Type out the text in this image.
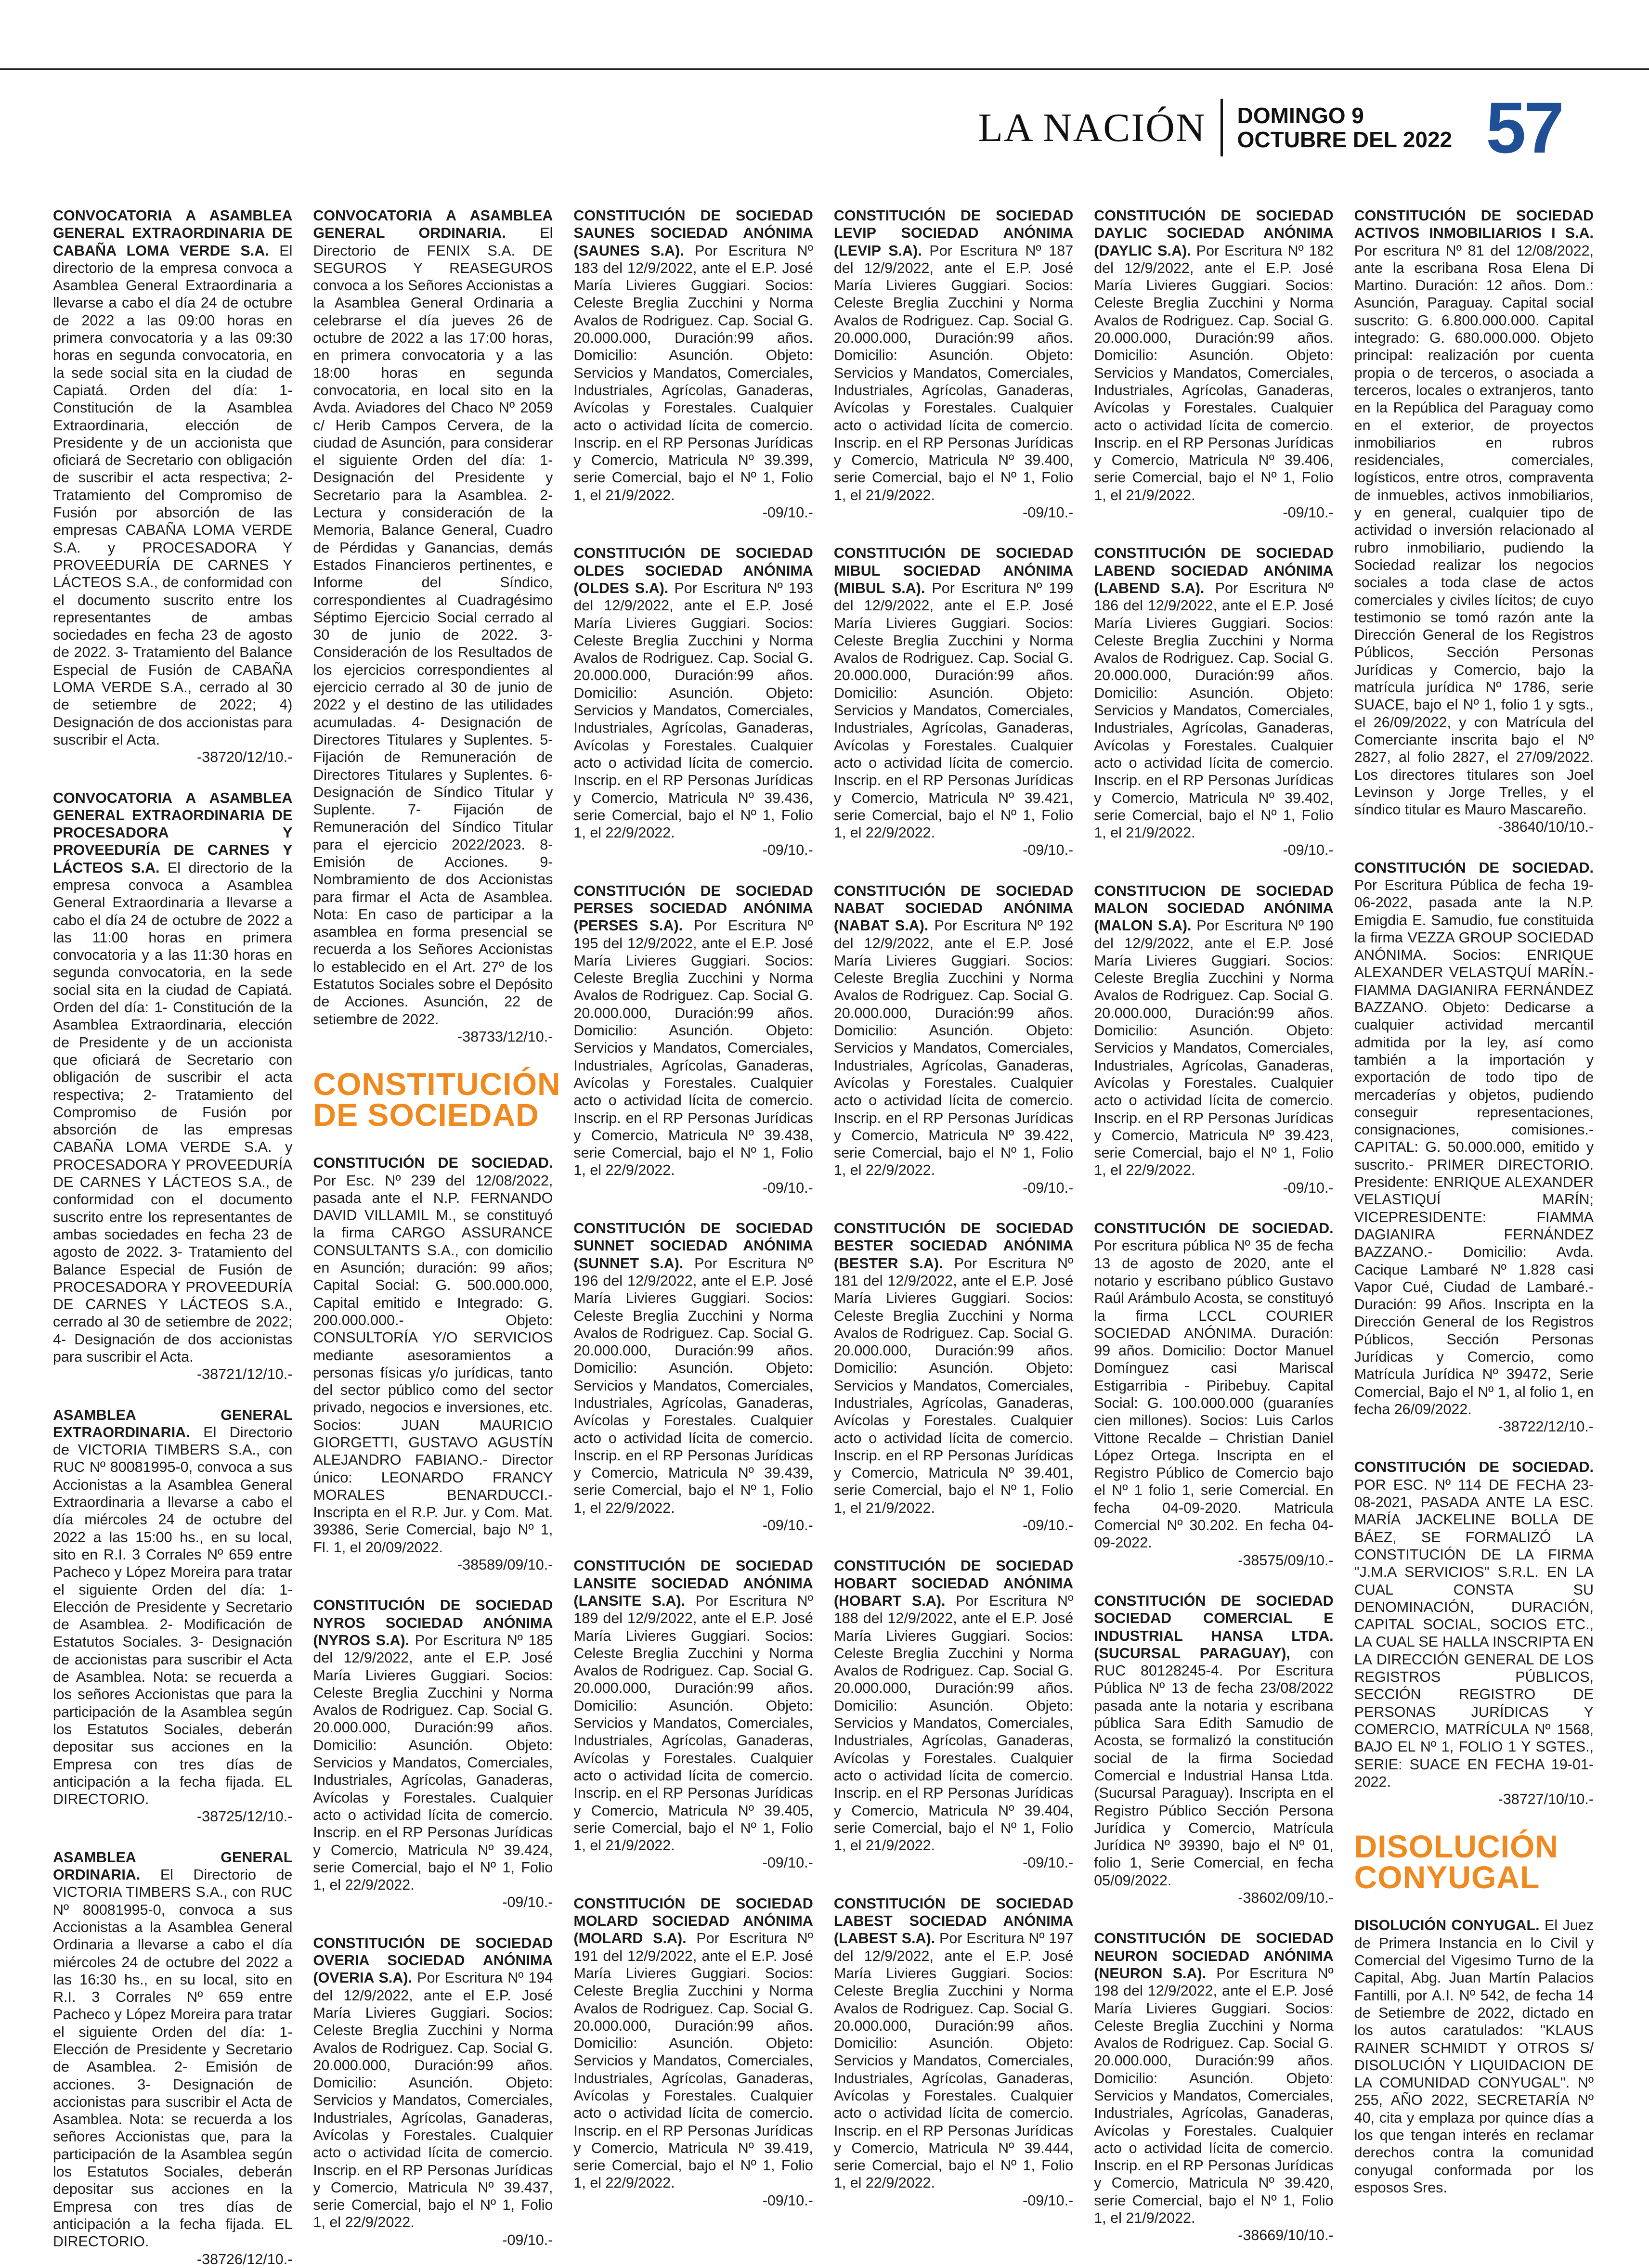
LA NACIÓN DOMINGO 9
OCTUBRE DEL 2022 57
CONVOCATORIA A ASAMBLEA GENERAL EXTRAORDINARIA DE CABAÑA LOMA VERDE S.A. El directorio de la empresa convoca a Asamblea General Extraordinaria a llevarse a cabo el día 24 de octubre de 2022 a las 09:00 horas en primera convocatoria y a las 09:30 horas en segunda convocatoria, en la sede social sita en la ciudad de Capiatá. Orden del día: 1- Constitución de la Asamblea Extraordinaria, elección de Presidente y de un accionista que oficiará de Secretario con obligación de suscribir el acta respectiva; 2- Tratamiento del Compromiso de Fusión por absorción de las empresas CABAÑA LOMA VERDE S.A. y PROCESADORA Y PROVEEDURÍA DE CARNES Y LÁCTEOS S.A., de conformidad con el documento suscrito entre los representantes de ambas sociedades en fecha 23 de agosto de 2022. 3- Tratamiento del Balance Especial de Fusión de CABAÑA LOMA VERDE S.A., cerrado al 30 de setiembre de 2022; 4) Designación de dos accionistas para suscribir el Acta.
-38720/12/10.-
CONVOCATORIA A ASAMBLEA GENERAL EXTRAORDINARIA DE PROCESADORA Y PROVEEDURÍA DE CARNES Y LÁCTEOS S.A. El directorio de la empresa convoca a Asamblea General Extraordinaria a llevarse a cabo el día 24 de octubre de 2022 a las 11:00 horas en primera convocatoria y a las 11:30 horas en segunda convocatoria, en la sede social sita en la ciudad de Capiatá. Orden del día: 1- Constitución de la Asamblea Extraordinaria, elección de Presidente y de un accionista que oficiará de Secretario con obligación de suscribir el acta respectiva; 2- Tratamiento del Compromiso de Fusión por absorción de las empresas CABAÑA LOMA VERDE S.A. y PROCESADORA Y PROVEEDURÍA DE CARNES Y LÁCTEOS S.A., de conformidad con el documento suscrito entre los representantes de ambas sociedades en fecha 23 de agosto de 2022. 3- Tratamiento del Balance Especial de Fusión de PROCESADORA Y PROVEEDURÍA DE CARNES Y LÁCTEOS S.A., cerrado al 30 de setiembre de 2022; 4- Designación de dos accionistas para suscribir el Acta.
-38721/12/10.-
ASAMBLEA GENERAL EXTRAORDINARIA. El Directorio de VICTORIA TIMBERS S.A., con RUC Nº 80081995-0, convoca a sus Accionistas a la Asamblea General Extraordinaria a llevarse a cabo el día miércoles 24 de octubre del 2022 a las 15:00 hs., en su local, sito en R.I. 3 Corrales Nº 659 entre Pacheco y López Moreira para tratar el siguiente Orden del día: 1- Elección de Presidente y Secretario de Asamblea. 2- Modificación de Estatutos Sociales. 3- Designación de accionistas para suscribir el Acta de Asamblea. Nota: se recuerda a los señores Accionistas que para la participación de la Asamblea según los Estatutos Sociales, deberán depositar sus acciones en la Empresa con tres días de anticipación a la fecha fijada. EL DIRECTORIO.
-38725/12/10.-
ASAMBLEA GENERAL ORDINARIA. El Directorio de VICTORIA TIMBERS S.A., con RUC Nº 80081995-0, convoca a sus Accionistas a la Asamblea General Ordinaria a llevarse a cabo el día miércoles 24 de octubre del 2022 a las 16:30 hs., en su local, sito en R.I. 3 Corrales Nº 659 entre Pacheco y López Moreira para tratar el siguiente Orden del día: 1- Elección de Presidente y Secretario de Asamblea. 2- Emisión de acciones. 3- Designación de accionistas para suscribir el Acta de Asamblea. Nota: se recuerda a los señores Accionistas que, para la participación de la Asamblea según los Estatutos Sociales, deberán depositar sus acciones en la Empresa con tres días de anticipación a la fecha fijada. EL DIRECTORIO.
-38726/12/10.-
CONVOCATORIA A ASAMBLEA GENERAL ORDINARIA. El Directorio de FENIX S.A. DE SEGUROS Y REASEGUROS convoca a los Señores Accionistas a la Asamblea General Ordinaria a celebrarse el día jueves 26 de octubre de 2022 a las 17:00 horas, en primera convocatoria y a las 18:00 horas en segunda convocatoria, en local sito en la Avda. Aviadores del Chaco Nº 2059 c/ Herib Campos Cervera, de la ciudad de Asunción, para considerar el siguiente Orden del día: 1- Designación del Presidente y Secretario para la Asamblea. 2- Lectura y consideración de la Memoria, Balance General, Cuadro de Pérdidas y Ganancias, demás Estados Financieros pertinentes, e Informe del Síndico, correspondientes al Cuadragésimo Séptimo Ejercicio Social cerrado al 30 de junio de 2022. 3- Consideración de los Resultados de los ejercicios correspondientes al ejercicio cerrado al 30 de junio de 2022 y el destino de las utilidades acumuladas. 4- Designación de Directores Titulares y Suplentes. 5- Fijación de Remuneración de Directores Titulares y Suplentes. 6- Designación de Síndico Titular y Suplente. 7- Fijación de Remuneración del Síndico Titular para el ejercicio 2022/2023. 8- Emisión de Acciones. 9- Nombramiento de dos Accionistas para firmar el Acta de Asamblea. Nota: En caso de participar a la asamblea en forma presencial se recuerda a los Señores Accionistas lo establecido en el Art. 27º de los Estatutos Sociales sobre el Depósito de Acciones. Asunción, 22 de setiembre de 2022.
-38733/12/10.-
CONSTITUCIÓN DE SOCIEDAD
CONSTITUCIÓN DE SOCIEDAD. Por Esc. Nº 239 del 12/08/2022, pasada ante el N.P. FERNANDO DAVID VILLAMIL M., se constituyó la firma CARGO ASSURANCE CONSULTANTS S.A., con domicilio en Asunción; duración: 99 años; Capital Social: G. 500.000.000, Capital emitido e Integrado: G. 200.000.000.- Objeto: CONSULTORÍA Y/O SERVICIOS mediante asesoramientos a personas físicas y/o jurídicas, tanto del sector público como del sector privado, negocios e inversiones, etc. Socios: JUAN MAURICIO GIORGETTI, GUSTAVO AGUSTÍN ALEJANDRO FABIANO.- Director único: LEONARDO FRANCY MORALES BENARDUCCI.- Inscripta en el R.P. Jur. y Com. Mat. 39386, Serie Comercial, bajo Nº 1, Fl. 1, el 20/09/2022.
-38589/09/10.-
CONSTITUCIÓN DE SOCIEDAD NYROS SOCIEDAD ANÓNIMA (NYROS S.A). Por Escritura Nº 185 del 12/9/2022, ante el E.P. José María Livieres Guggiari. Socios: Celeste Breglia Zucchini y Norma Avalos de Rodriguez. Cap. Social G. 20.000.000, Duración:99 años. Domicilio: Asunción. Objeto: Servicios y Mandatos, Comerciales, Industriales, Agrícolas, Ganaderas, Avícolas y Forestales. Cualquier acto o actividad lícita de comercio. Inscrip. en el RP Personas Jurídicas y Comercio, Matricula Nº 39.424, serie Comercial, bajo el Nº 1, Folio 1, el 22/9/2022.
-09/10.-
CONSTITUCIÓN DE SOCIEDAD OVERIA SOCIEDAD ANÓNIMA (OVERIA S.A). Por Escritura Nº 194 del 12/9/2022, ante el E.P. José María Livieres Guggiari. Socios: Celeste Breglia Zucchini y Norma Avalos de Rodriguez. Cap. Social G. 20.000.000, Duración:99 años. Domicilio: Asunción. Objeto: Servicios y Mandatos, Comerciales, Industriales, Agrícolas, Ganaderas, Avícolas y Forestales. Cualquier acto o actividad lícita de comercio. Inscrip. en el RP Personas Jurídicas y Comercio, Matricula Nº 39.437, serie Comercial, bajo el Nº 1, Folio 1, el 22/9/2022.
-09/10.-
CONSTITUCIÓN DE SOCIEDAD SAUNES SOCIEDAD ANÓNIMA (SAUNES S.A). Por Escritura Nº 183 del 12/9/2022, ante el E.P. José María Livieres Guggiari. Socios: Celeste Breglia Zucchini y Norma Avalos de Rodriguez. Cap. Social G. 20.000.000, Duración:99 años. Domicilio: Asunción. Objeto: Servicios y Mandatos, Comerciales, Industriales, Agrícolas, Ganaderas, Avícolas y Forestales. Cualquier acto o actividad lícita de comercio. Inscrip. en el RP Personas Jurídicas y Comercio, Matricula Nº 39.399, serie Comercial, bajo el Nº 1, Folio 1, el 21/9/2022.
-09/10.-
CONSTITUCIÓN DE SOCIEDAD OLDES SOCIEDAD ANÓNIMA (OLDES S.A). Por Escritura Nº 193 del 12/9/2022, ante el E.P. José María Livieres Guggiari. Socios: Celeste Breglia Zucchini y Norma Avalos de Rodriguez. Cap. Social G. 20.000.000, Duración:99 años. Domicilio: Asunción. Objeto: Servicios y Mandatos, Comerciales, Industriales, Agrícolas, Ganaderas, Avícolas y Forestales. Cualquier acto o actividad lícita de comercio. Inscrip. en el RP Personas Jurídicas y Comercio, Matricula Nº 39.436, serie Comercial, bajo el Nº 1, Folio 1, el 22/9/2022.
-09/10.-
CONSTITUCIÓN DE SOCIEDAD PERSES SOCIEDAD ANÓNIMA (PERSES S.A). Por Escritura Nº 195 del 12/9/2022, ante el E.P. José María Livieres Guggiari. Socios: Celeste Breglia Zucchini y Norma Avalos de Rodriguez. Cap. Social G. 20.000.000, Duración:99 años. Domicilio: Asunción. Objeto: Servicios y Mandatos, Comerciales, Industriales, Agrícolas, Ganaderas, Avícolas y Forestales. Cualquier acto o actividad lícita de comercio. Inscrip. en el RP Personas Jurídicas y Comercio, Matricula Nº 39.438, serie Comercial, bajo el Nº 1, Folio 1, el 22/9/2022.
-09/10.-
CONSTITUCIÓN DE SOCIEDAD SUNNET SOCIEDAD ANÓNIMA (SUNNET S.A). Por Escritura Nº 196 del 12/9/2022, ante el E.P. José María Livieres Guggiari. Socios: Celeste Breglia Zucchini y Norma Avalos de Rodriguez. Cap. Social G. 20.000.000, Duración:99 años. Domicilio: Asunción. Objeto: Servicios y Mandatos, Comerciales, Industriales, Agrícolas, Ganaderas, Avícolas y Forestales. Cualquier acto o actividad lícita de comercio. Inscrip. en el RP Personas Jurídicas y Comercio, Matricula Nº 39.439, serie Comercial, bajo el Nº 1, Folio 1, el 22/9/2022.
-09/10.-
CONSTITUCIÓN DE SOCIEDAD LANSITE SOCIEDAD ANÓNIMA (LANSITE S.A). Por Escritura Nº 189 del 12/9/2022, ante el E.P. José María Livieres Guggiari. Socios: Celeste Breglia Zucchini y Norma Avalos de Rodriguez. Cap. Social G. 20.000.000, Duración:99 años. Domicilio: Asunción. Objeto: Servicios y Mandatos, Comerciales, Industriales, Agrícolas, Ganaderas, Avícolas y Forestales. Cualquier acto o actividad lícita de comercio. Inscrip. en el RP Personas Jurídicas y Comercio, Matricula Nº 39.405, serie Comercial, bajo el Nº 1, Folio 1, el 21/9/2022.
-09/10.-
CONSTITUCIÓN DE SOCIEDAD MOLARD SOCIEDAD ANÓNIMA (MOLARD S.A). Por Escritura Nº 191 del 12/9/2022, ante el E.P. José María Livieres Guggiari. Socios: Celeste Breglia Zucchini y Norma Avalos de Rodriguez. Cap. Social G. 20.000.000, Duración:99 años. Domicilio: Asunción. Objeto: Servicios y Mandatos, Comerciales, Industriales, Agrícolas, Ganaderas, Avícolas y Forestales. Cualquier acto o actividad lícita de comercio. Inscrip. en el RP Personas Jurídicas y Comercio, Matricula Nº 39.419, serie Comercial, bajo el Nº 1, Folio 1, el 22/9/2022.
-09/10.-
CONSTITUCIÓN DE SOCIEDAD LEVIP SOCIEDAD ANÓNIMA (LEVIP S.A). Por Escritura Nº 187 del 12/9/2022, ante el E.P. José María Livieres Guggiari. Socios: Celeste Breglia Zucchini y Norma Avalos de Rodriguez. Cap. Social G. 20.000.000, Duración:99 años. Domicilio: Asunción. Objeto: Servicios y Mandatos, Comerciales, Industriales, Agrícolas, Ganaderas, Avícolas y Forestales. Cualquier acto o actividad lícita de comercio. Inscrip. en el RP Personas Jurídicas y Comercio, Matricula Nº 39.400, serie Comercial, bajo el Nº 1, Folio 1, el 21/9/2022.
-09/10.-
CONSTITUCIÓN DE SOCIEDAD MIBUL SOCIEDAD ANÓNIMA (MIBUL S.A). Por Escritura Nº 199 del 12/9/2022, ante el E.P. José María Livieres Guggiari. Socios: Celeste Breglia Zucchini y Norma Avalos de Rodriguez. Cap. Social G. 20.000.000, Duración:99 años. Domicilio: Asunción. Objeto: Servicios y Mandatos, Comerciales, Industriales, Agrícolas, Ganaderas, Avícolas y Forestales. Cualquier acto o actividad lícita de comercio. Inscrip. en el RP Personas Jurídicas y Comercio, Matricula Nº 39.421, serie Comercial, bajo el Nº 1, Folio 1, el 22/9/2022.
-09/10.-
CONSTITUCIÓN DE SOCIEDAD NABAT SOCIEDAD ANÓNIMA (NABAT S.A). Por Escritura Nº 192 del 12/9/2022, ante el E.P. José María Livieres Guggiari. Socios: Celeste Breglia Zucchini y Norma Avalos de Rodriguez. Cap. Social G. 20.000.000, Duración:99 años. Domicilio: Asunción. Objeto: Servicios y Mandatos, Comerciales, Industriales, Agrícolas, Ganaderas, Avícolas y Forestales. Cualquier acto o actividad lícita de comercio. Inscrip. en el RP Personas Jurídicas y Comercio, Matricula Nº 39.422, serie Comercial, bajo el Nº 1, Folio 1, el 22/9/2022.
-09/10.-
CONSTITUCIÓN DE SOCIEDAD BESTER SOCIEDAD ANÓNIMA (BESTER S.A). Por Escritura Nº 181 del 12/9/2022, ante el E.P. José María Livieres Guggiari. Socios: Celeste Breglia Zucchini y Norma Avalos de Rodriguez. Cap. Social G. 20.000.000, Duración:99 años. Domicilio: Asunción. Objeto: Servicios y Mandatos, Comerciales, Industriales, Agrícolas, Ganaderas, Avícolas y Forestales. Cualquier acto o actividad lícita de comercio. Inscrip. en el RP Personas Jurídicas y Comercio, Matricula Nº 39.401, serie Comercial, bajo el Nº 1, Folio 1, el 21/9/2022.
-09/10.-
CONSTITUCIÓN DE SOCIEDAD HOBART SOCIEDAD ANÓNIMA (HOBART S.A). Por Escritura Nº 188 del 12/9/2022, ante el E.P. José María Livieres Guggiari. Socios: Celeste Breglia Zucchini y Norma Avalos de Rodriguez. Cap. Social G. 20.000.000, Duración:99 años. Domicilio: Asunción. Objeto: Servicios y Mandatos, Comerciales, Industriales, Agrícolas, Ganaderas, Avícolas y Forestales. Cualquier acto o actividad lícita de comercio. Inscrip. en el RP Personas Jurídicas y Comercio, Matricula Nº 39.404, serie Comercial, bajo el Nº 1, Folio 1, el 21/9/2022.
-09/10.-
CONSTITUCIÓN DE SOCIEDAD LABEST SOCIEDAD ANÓNIMA (LABEST S.A). Por Escritura Nº 197 del 12/9/2022, ante el E.P. José María Livieres Guggiari. Socios: Celeste Breglia Zucchini y Norma Avalos de Rodriguez. Cap. Social G. 20.000.000, Duración:99 años. Domicilio: Asunción. Objeto: Servicios y Mandatos, Comerciales, Industriales, Agrícolas, Ganaderas, Avícolas y Forestales. Cualquier acto o actividad lícita de comercio. Inscrip. en el RP Personas Jurídicas y Comercio, Matricula Nº 39.444, serie Comercial, bajo el Nº 1, Folio 1, el 22/9/2022.
-09/10.-
CONSTITUCIÓN DE SOCIEDAD DAYLIC SOCIEDAD ANÓNIMA (DAYLIC S.A). Por Escritura Nº 182 del 12/9/2022, ante el E.P. José María Livieres Guggiari. Socios: Celeste Breglia Zucchini y Norma Avalos de Rodriguez. Cap. Social G. 20.000.000, Duración:99 años. Domicilio: Asunción. Objeto: Servicios y Mandatos, Comerciales, Industriales, Agrícolas, Ganaderas, Avícolas y Forestales. Cualquier acto o actividad lícita de comercio. Inscrip. en el RP Personas Jurídicas y Comercio, Matricula Nº 39.406, serie Comercial, bajo el Nº 1, Folio 1, el 21/9/2022.
-09/10.-
CONSTITUCIÓN DE SOCIEDAD LABEND SOCIEDAD ANÓNIMA (LABEND S.A). Por Escritura Nº 186 del 12/9/2022, ante el E.P. José María Livieres Guggiari. Socios: Celeste Breglia Zucchini y Norma Avalos de Rodriguez. Cap. Social G. 20.000.000, Duración:99 años. Domicilio: Asunción. Objeto: Servicios y Mandatos, Comerciales, Industriales, Agrícolas, Ganaderas, Avícolas y Forestales. Cualquier acto o actividad lícita de comercio. Inscrip. en el RP Personas Jurídicas y Comercio, Matricula Nº 39.402, serie Comercial, bajo el Nº 1, Folio 1, el 21/9/2022.
-09/10.-
CONSTITUCION DE SOCIEDAD MALON SOCIEDAD ANÓNIMA (MALON S.A). Por Escritura Nº 190 del 12/9/2022, ante el E.P. José María Livieres Guggiari. Socios: Celeste Breglia Zucchini y Norma Avalos de Rodriguez. Cap. Social G. 20.000.000, Duración:99 años. Domicilio: Asunción. Objeto: Servicios y Mandatos, Comerciales, Industriales, Agrícolas, Ganaderas, Avícolas y Forestales. Cualquier acto o actividad lícita de comercio. Inscrip. en el RP Personas Jurídicas y Comercio, Matricula Nº 39.423, serie Comercial, bajo el Nº 1, Folio 1, el 22/9/2022.
-09/10.-
CONSTITUCIÓN DE SOCIEDAD. Por escritura pública Nº 35 de fecha 13 de agosto de 2020, ante el notario y escribano público Gustavo Raúl Arámbulo Acosta, se constituyó la firma LCCL COURIER SOCIEDAD ANÓNIMA. Duración: 99 años. Domicilio: Doctor Manuel Domínguez casi Mariscal Estigarribia - Piribebuy. Capital Social: G. 100.000.000 (guaraníes cien millones). Socios: Luis Carlos Vittone Recalde – Christian Daniel López Ortega. Inscripta en el Registro Público de Comercio bajo el Nº 1 folio 1, serie Comercial. En fecha 04-09-2020. Matricula Comercial Nº 30.202. En fecha 04-09-2022.
-38575/09/10.-
CONSTITUCIÓN DE SOCIEDAD SOCIEDAD COMERCIAL E INDUSTRIAL HANSA LTDA. (SUCURSAL PARAGUAY), con RUC 80128245-4. Por Escritura Pública Nº 13 de fecha 23/08/2022 pasada ante la notaria y escribana pública Sara Edith Samudio de Acosta, se formalizó la constitución social de la firma Sociedad Comercial e Industrial Hansa Ltda. (Sucursal Paraguay). Inscripta en el Registro Público Sección Persona Jurídica y Comercio, Matrícula Jurídica Nº 39390, bajo el Nº 01, folio 1, Serie Comercial, en fecha 05/09/2022.
-38602/09/10.-
CONSTITUCIÓN DE SOCIEDAD NEURON SOCIEDAD ANÓNIMA (NEURON S.A). Por Escritura Nº 198 del 12/9/2022, ante el E.P. José María Livieres Guggiari. Socios: Celeste Breglia Zucchini y Norma Avalos de Rodriguez. Cap. Social G. 20.000.000, Duración:99 años. Domicilio: Asunción. Objeto: Servicios y Mandatos, Comerciales, Industriales, Agrícolas, Ganaderas, Avícolas y Forestales. Cualquier acto o actividad lícita de comercio. Inscrip. en el RP Personas Jurídicas y Comercio, Matricula Nº 39.420, serie Comercial, bajo el Nº 1, Folio 1, el 21/9/2022.
-38669/10/10.-
CONSTITUCIÓN DE SOCIEDAD ACTIVOS INMOBILIARIOS I S.A. Por escritura Nº 81 del 12/08/2022, ante la escribana Rosa Elena Di Martino. Duración: 12 años. Dom.: Asunción, Paraguay. Capital social suscrito: G. 6.800.000.000. Capital integrado: G. 680.000.000. Objeto principal: realización por cuenta propia o de terceros, o asociada a terceros, locales o extranjeros, tanto en la República del Paraguay como en el exterior, de proyectos inmobiliarios en rubros residenciales, comerciales, logísticos, entre otros, compraventa de inmuebles, activos inmobiliarios, y en general, cualquier tipo de actividad o inversión relacionado al rubro inmobiliario, pudiendo la Sociedad realizar los negocios sociales a toda clase de actos comerciales y civiles lícitos; de cuyo testimonio se tomó razón ante la Dirección General de los Registros Públicos, Sección Personas Jurídicas y Comercio, bajo la matrícula jurídica Nº 1786, serie SUACE, bajo el Nº 1, folio 1 y sgts., el 26/09/2022, y con Matrícula del Comerciante inscrita bajo el Nº 2827, al folio 2827, el 27/09/2022. Los directores titulares son Joel Levinson y Jorge Trelles, y el síndico titular es Mauro Mascareño.
-38640/10/10.-
CONSTITUCIÓN DE SOCIEDAD. Por Escritura Pública de fecha 19-06-2022, pasada ante la N.P. Emigdia E. Samudio, fue constituida la firma VEZZA GROUP SOCIEDAD ANÓNIMA. Socios: ENRIQUE ALEXANDER VELASTQUÍ MARÍN.- FIAMMA DAGIANIRA FERNÁNDEZ BAZZANO. Objeto: Dedicarse a cualquier actividad mercantil admitida por la ley, así como también a la importación y exportación de todo tipo de mercaderías y objetos, pudiendo conseguir representaciones, consignaciones, comisiones.- CAPITAL: G. 50.000.000, emitido y suscrito.- PRIMER DIRECTORIO. Presidente: ENRIQUE ALEXANDER VELASTIQUÍ MARÍN; VICEPRESIDENTE: FIAMMA DAGIANIRA FERNÁNDEZ BAZZANO.- Domicilio: Avda. Cacique Lambaré Nº 1.828 casi Vapor Cué, Ciudad de Lambaré.- Duración: 99 Años. Inscripta en la Dirección General de los Registros Públicos, Sección Personas Jurídicas y Comercio, como Matrícula Jurídica Nº 39472, Serie Comercial, Bajo el Nº 1, al folio 1, en fecha 26/09/2022.
-38722/12/10.-
CONSTITUCIÓN DE SOCIEDAD. POR ESC. Nº 114 DE FECHA 23-08-2021, PASADA ANTE LA ESC. MARÍA JACKELINE BOLLA DE BÁEZ, SE FORMALIZÓ LA CONSTITUCIÓN DE LA FIRMA "J.M.A SERVICIOS" S.R.L. EN LA CUAL CONSTA SU DENOMINACIÓN, DURACIÓN, CAPITAL SOCIAL, SOCIOS ETC., LA CUAL SE HALLA INSCRIPTA EN LA DIRECCIÓN GENERAL DE LOS REGISTROS PÚBLICOS, SECCIÓN REGISTRO DE PERSONAS JURÍDICAS Y COMERCIO, MATRÍCULA Nº 1568, BAJO EL Nº 1, FOLIO 1 Y SGTES., SERIE: SUACE EN FECHA 19-01-2022.
-38727/10/10.-
DISOLUCIÓN CONYUGAL
DISOLUCIÓN CONYUGAL. El Juez de Primera Instancia en lo Civil y Comercial del Vigesimo Turno de la Capital, Abg. Juan Martín Palacios Fantilli, por A.I. Nº 542, de fecha 14 de Setiembre de 2022, dictado en los autos caratulados: "KLAUS RAINER SCHMIDT Y OTROS S/ DISOLUCIÓN Y LIQUIDACION DE LA COMUNIDAD CONYUGAL". Nº 255, AÑO 2022, SECRETARÍA Nº 40, cita y emplaza por quince días a los que tengan interés en reclamar derechos contra la comunidad conyugal conformada por los esposos Sres.
